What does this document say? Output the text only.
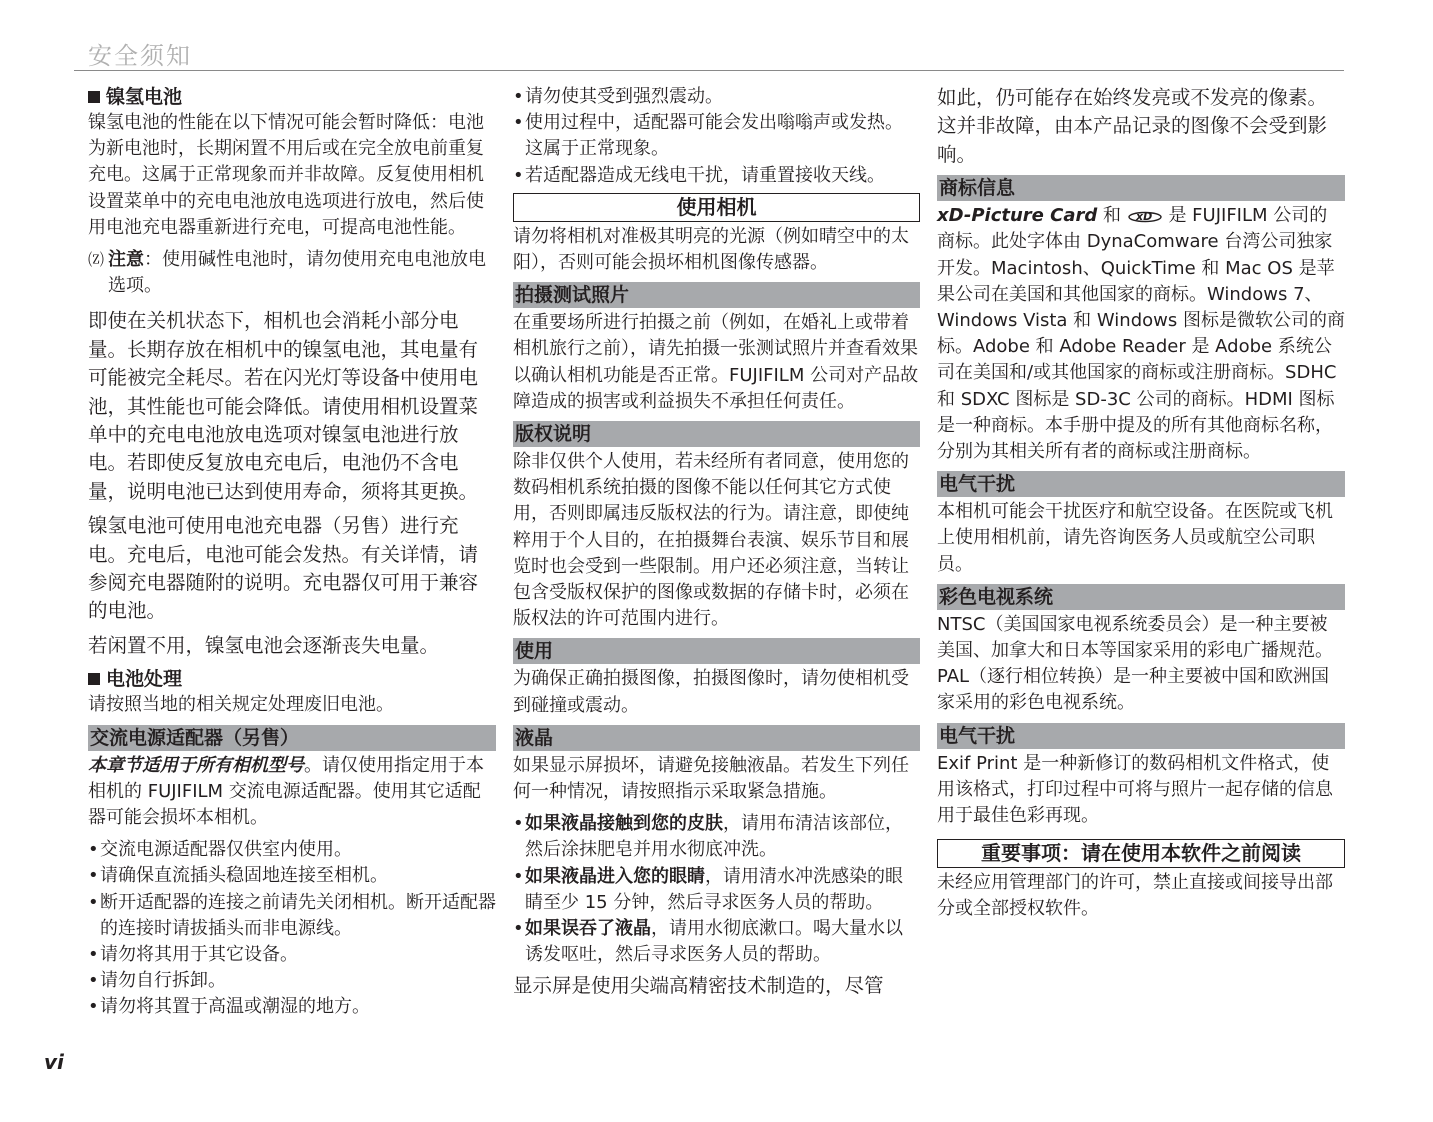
安全须知
镍氢电池

镍氢电池的性能在以下情况可能会暂时降低：电池为新电池时，长期闲置不用后或在完全放电前重复充电。这属于正常现象而并非故障。反复使用相机设置菜单中的充电电池放电选项进行放电，然后使用电池充电器重新进行充电，可提高电池性能。

⒵ 注意：使用碱性电池时，请勿使用充电电池放电选项。

即使在关机状态下，相机也会消耗小部分电量。长期存放在相机中的镍氢电池，其电量有可能被完全耗尽。若在闪光灯等设备中使用电池，其性能也可能会降低。请使用相机设置菜单中的充电电池放电选项对镍氢电池进行放电。若即使反复放电充电后，电池仍不含电量，说明电池已达到使用寿命，须将其更换。

镍氢电池可使用电池充电器（另售）进行充电。充电后，电池可能会发热。有关详情，请参阅充电器随附的说明。充电器仅可用于兼容的电池。

若闲置不用，镍氢电池会逐渐丧失电量。

电池处理

请按照当地的相关规定处理废旧电池。

交流电源适配器（另售）

本章节适用于所有相机型号。请仅使用指定用于本相机的 FUJIFILM 交流电源适配器。使用其它适配器可能会损坏本相机。

• 交流电源适配器仅供室内使用。
• 请确保直流插头稳固地连接至相机。
• 断开适配器的连接之前请先关闭相机。断开适配器的连接时请拔插头而非电源线。
• 请勿将其用于其它设备。
• 请勿自行拆卸。
• 请勿将其置于高温或潮湿的地方。
• 请勿使其受到强烈震动。
• 使用过程中，适配器可能会发出嗡嗡声或发热。这属于正常现象。
• 若适配器造成无线电干扰，请重置接收天线。
使用相机

请勿将相机对准极其明亮的光源（例如晴空中的太阳），否则可能会损坏相机图像传感器。

拍摄测试照片

在重要场所进行拍摄之前（例如，在婚礼上或带着相机旅行之前），请先拍摄一张测试照片并查看效果以确认相机功能是否正常。FUJIFILM 公司对产品故障造成的损害或利益损失不承担任何责任。

版权说明

除非仅供个人使用，若未经所有者同意，使用您的数码相机系统拍摄的图像不能以任何其它方式使用，否则即属违反版权法的行为。请注意，即使纯粹用于个人目的，在拍摄舞台表演、娱乐节目和展览时也会受到一些限制。用户还必须注意，当转让包含受版权保护的图像或数据的存储卡时，必须在版权法的许可范围内进行。

使用

为确保正确拍摄图像，拍摄图像时，请勿使相机受到碰撞或震动。

液晶

如果显示屏损坏，请避免接触液晶。若发生下列任何一种情况，请按照指示采取紧急措施。

• 如果液晶接触到您的皮肤，请用布清洁该部位，然后涂抹肥皂并用水彻底冲洗。
• 如果液晶进入您的眼睛，请用清水冲洗感染的眼睛至少 15 分钟，然后寻求医务人员的帮助。
• 如果误吞了液晶，请用水彻底漱口。喝大量水以诱发呕吐，然后寻求医务人员的帮助。

显示屏是使用尖端高精密技术制造的，尽管

如此，仍可能存在始终发亮或不发亮的像素。这并非故障，由本产品记录的图像不会受到影响。

商标信息

xD-Picture Card 和 xD 是 FUJIFILM 公司的商标。此处字体由 DynaComware 台湾公司独家开发。Macintosh、QuickTime 和 Mac OS 是苹果公司在美国和其他国家的商标。Windows 7、Windows Vista 和 Windows 图标是微软公司的商标。Adobe 和 Adobe Reader 是 Adobe 系统公司在美国和/或其他国家的商标或注册商标。SDHC 和 SDXC 图标是 SD-3C 公司的商标。HDMI 图标是一种商标。本手册中提及的所有其他商标名称，分别为其相关所有者的商标或注册商标。

电气干扰

本相机可能会干扰医疗和航空设备。在医院或飞机上使用相机前，请先咨询医务人员或航空公司职员。

彩色电视系统

NTSC（美国国家电视系统委员会）是一种主要被美国、加拿大和日本等国家采用的彩电广播规范。PAL（逐行相位转换）是一种主要被中国和欧洲国家采用的彩色电视系统。

电气干扰

Exif Print 是一种新修订的数码相机文件格式，使用该格式，打印过程中可将与照片一起存储的信息用于最佳色彩再现。

重要事项：请在使用本软件之前阅读

未经应用管理部门的许可，禁止直接或间接导出部分或全部授权软件。

vi
